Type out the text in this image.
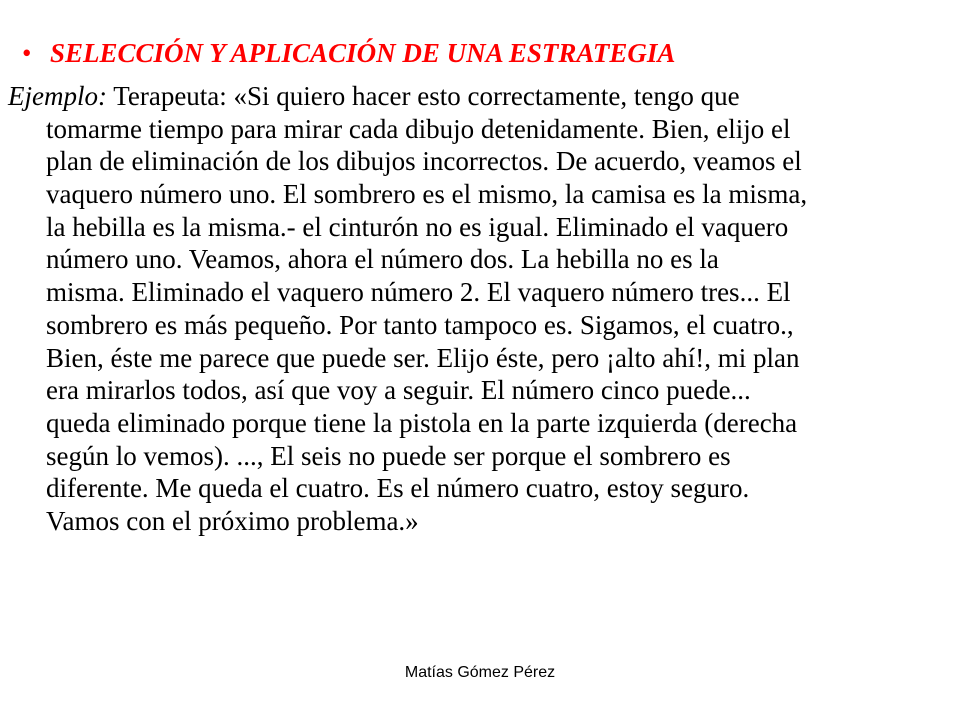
• SELECCIÓN Y APLICACIÓN DE UNA ESTRATEGIA
Ejemplo: Terapeuta: «Si quiero hacer esto correctamente, tengo que
tomarme tiempo para mirar cada dibujo detenidamente. Bien, elijo el
plan de eliminación de los dibujos incorrectos. De acuerdo, veamos el
vaquero número uno. El sombrero es el mismo, la camisa es la misma,
la hebilla es la misma.- el cinturón no es igual. Eliminado el vaquero
número uno. Veamos, ahora el número dos. La hebilla no es la
misma. Eliminado el vaquero número 2. El vaquero número tres... El
sombrero es más pequeño. Por tanto tampoco es. Sigamos, el cuatro.,
Bien, éste me parece que puede ser. Elijo éste, pero ¡alto ahí!, mi plan
era mirarlos todos, así que voy a seguir. El número cinco puede...
queda eliminado porque tiene la pistola en la parte izquierda (derecha
según lo vemos). ..., El seis no puede ser porque el sombrero es
diferente. Me queda el cuatro. Es el número cuatro, estoy seguro.
Vamos con el próximo problema.»
Matías Gómez Pérez
